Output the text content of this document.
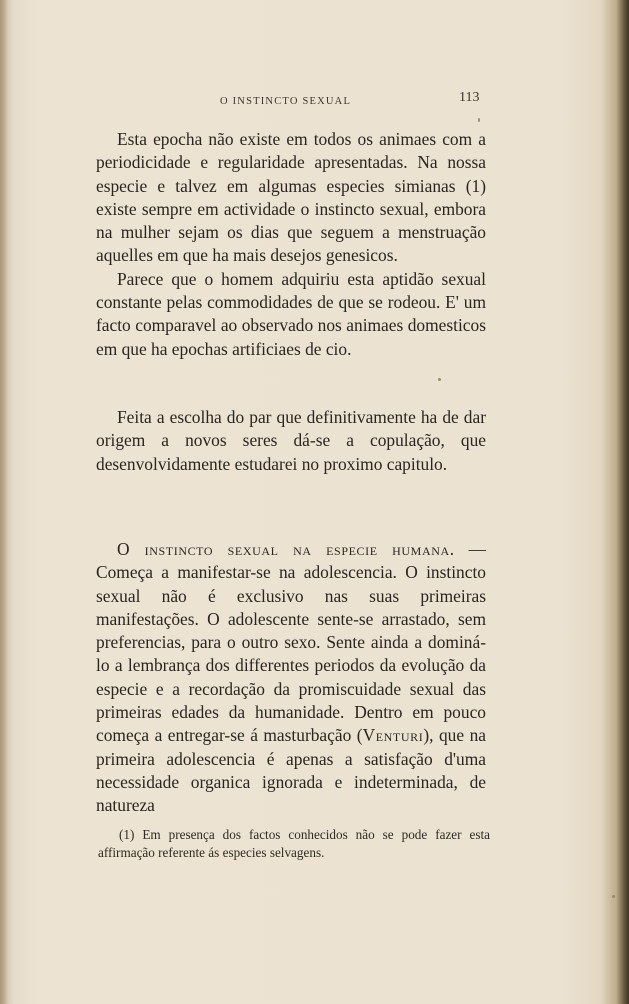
O INSTINCTO SEXUAL	113

Esta epocha não existe em todos os animaes com a periodicidade e regularidade apresentadas. Na nossa especie e talvez em algumas especies simianas (1) existe sempre em actividade o instincto sexual, embora na mulher sejam os dias que seguem a menstruação aquelles em que ha mais desejos genesicos.

Parece que o homem adquiriu esta aptidão sexual constante pelas commodidades de que se rodeou. E' um facto comparavel ao observado nos animaes domesticos em que ha epochas artificiaes de cio.

Feita a escolha do par que definitivamente ha de dar origem a novos seres dá-se a copulação, que desenvolvidamente estudarei no proximo capitulo.

O instincto sexual na especie humana. — Começa a manifestar-se na adolescencia. O instincto sexual não é exclusivo nas suas primeiras manifestações. O adolescente sente-se arrastado, sem preferencias, para o outro sexo. Sente ainda a dominá-lo a lembrança dos differentes periodos da evolução da especie e a recordação da promiscuidade sexual das primeiras edades da humanidade. Dentro em pouco começa a entregar-se á masturbação (Venturi), que na primeira adolescencia é apenas a satisfação d'uma necessidade organica ignorada e indeterminada, de natureza

(1) Em presença dos factos conhecidos não se pode fazer esta affirmação referente ás especies selvagens.
